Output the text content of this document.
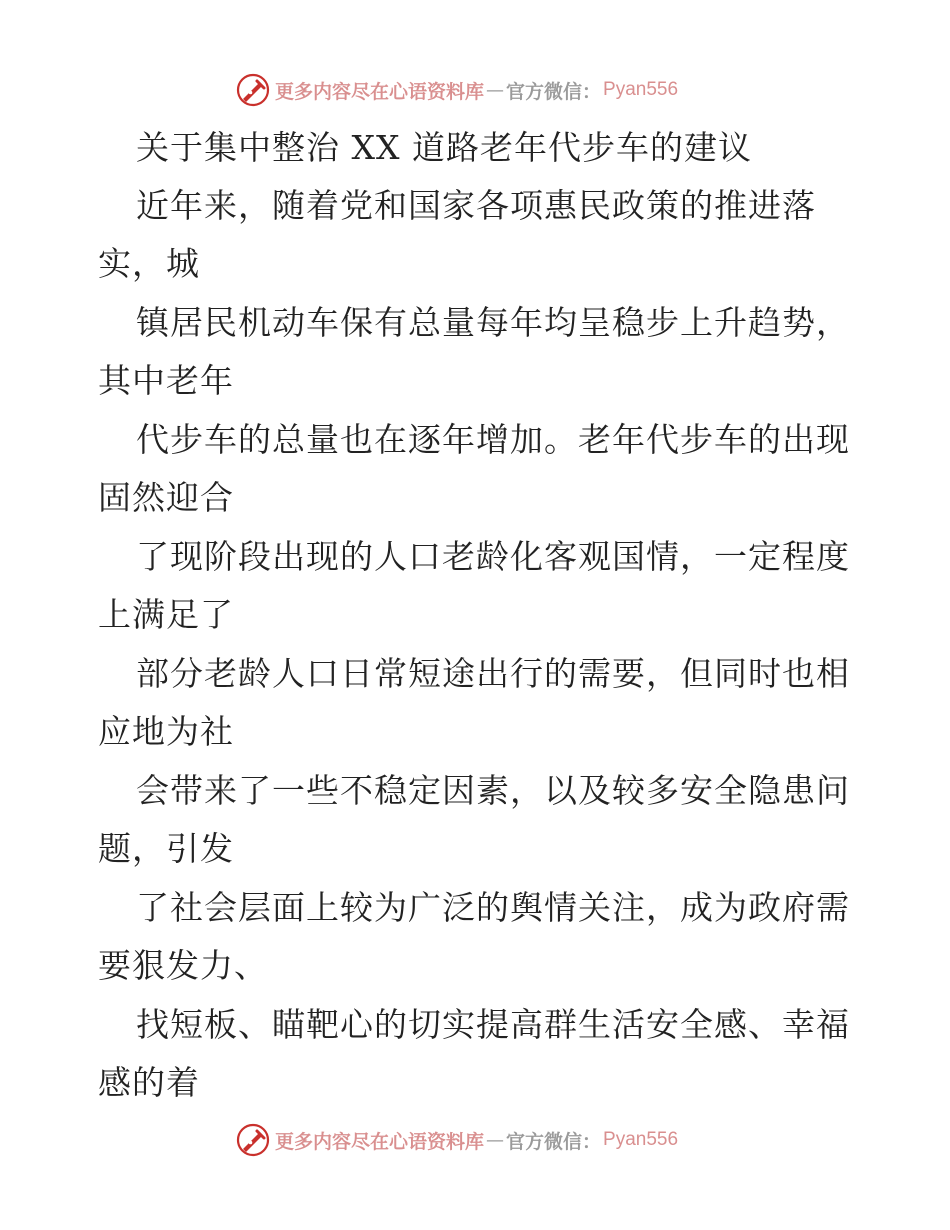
更多内容尽在心语资料库 — 官方微信： Pyan556
关于集中整治 XX 道路老年代步车的建议
近年来，随着党和国家各项惠民政策的推进落
实，城
镇居民机动车保有总量每年均呈稳步上升趋势，
其中老年
代步车的总量也在逐年增加。老年代步车的出现
固然迎合
了现阶段出现的人口老龄化客观国情，一定程度
上满足了
部分老龄人口日常短途出行的需要，但同时也相
应地为社
会带来了一些不稳定因素，以及较多安全隐患问
题，引发
了社会层面上较为广泛的舆情关注，成为政府需
要狠发力、
找短板、瞄靶心的切实提高群生活安全感、幸福
感的着
更多内容尽在心语资料库 — 官方微信： Pyan556
